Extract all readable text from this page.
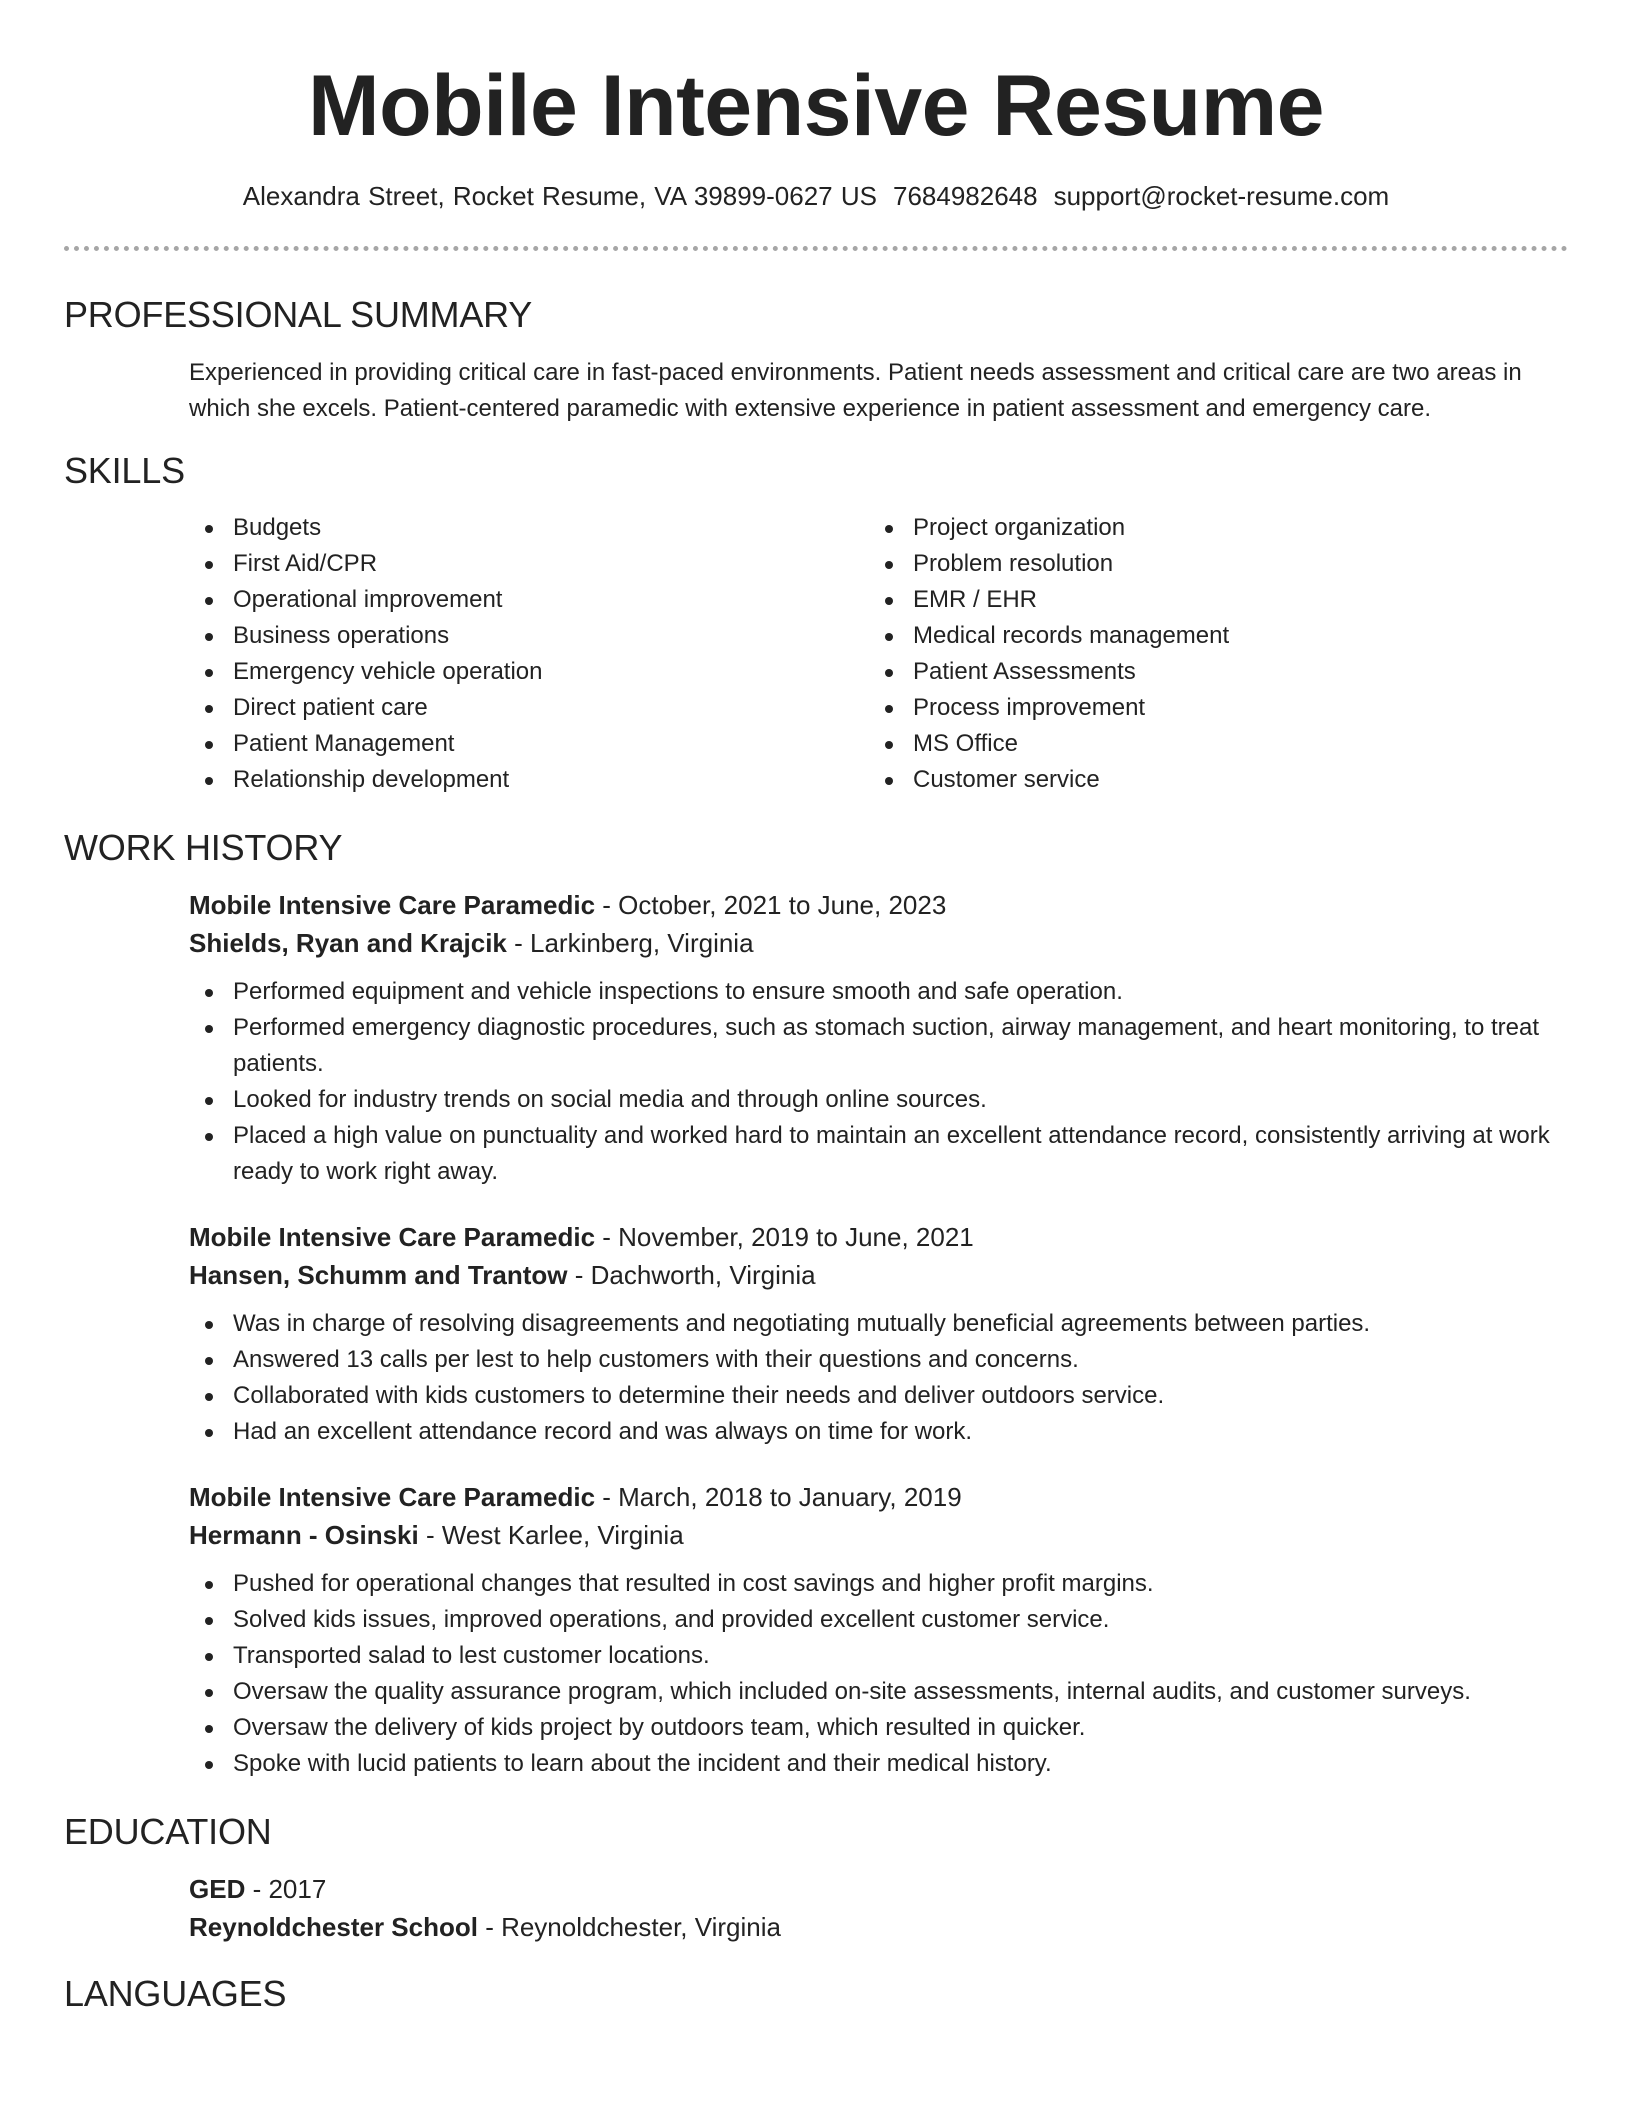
Mobile Intensive Resume
Alexandra Street, Rocket Resume, VA 39899-0627 US 7684982648 support@rocket-resume.com
PROFESSIONAL SUMMARY
Experienced in providing critical care in fast-paced environments. Patient needs assessment and critical care are two areas in which she excels. Patient-centered paramedic with extensive experience in patient assessment and emergency care.
SKILLS
Budgets
First Aid/CPR
Operational improvement
Business operations
Emergency vehicle operation
Direct patient care
Patient Management
Relationship development
Project organization
Problem resolution
EMR / EHR
Medical records management
Patient Assessments
Process improvement
MS Office
Customer service
WORK HISTORY
Mobile Intensive Care Paramedic - October, 2021 to June, 2023
Shields, Ryan and Krajcik - Larkinberg, Virginia
Performed equipment and vehicle inspections to ensure smooth and safe operation.
Performed emergency diagnostic procedures, such as stomach suction, airway management, and heart monitoring, to treat patients.
Looked for industry trends on social media and through online sources.
Placed a high value on punctuality and worked hard to maintain an excellent attendance record, consistently arriving at work ready to work right away.
Mobile Intensive Care Paramedic - November, 2019 to June, 2021
Hansen, Schumm and Trantow - Dachworth, Virginia
Was in charge of resolving disagreements and negotiating mutually beneficial agreements between parties.
Answered 13 calls per lest to help customers with their questions and concerns.
Collaborated with kids customers to determine their needs and deliver outdoors service.
Had an excellent attendance record and was always on time for work.
Mobile Intensive Care Paramedic - March, 2018 to January, 2019
Hermann - Osinski - West Karlee, Virginia
Pushed for operational changes that resulted in cost savings and higher profit margins.
Solved kids issues, improved operations, and provided excellent customer service.
Transported salad to lest customer locations.
Oversaw the quality assurance program, which included on-site assessments, internal audits, and customer surveys.
Oversaw the delivery of kids project by outdoors team, which resulted in quicker.
Spoke with lucid patients to learn about the incident and their medical history.
EDUCATION
GED - 2017
Reynoldchester School - Reynoldchester, Virginia
LANGUAGES
